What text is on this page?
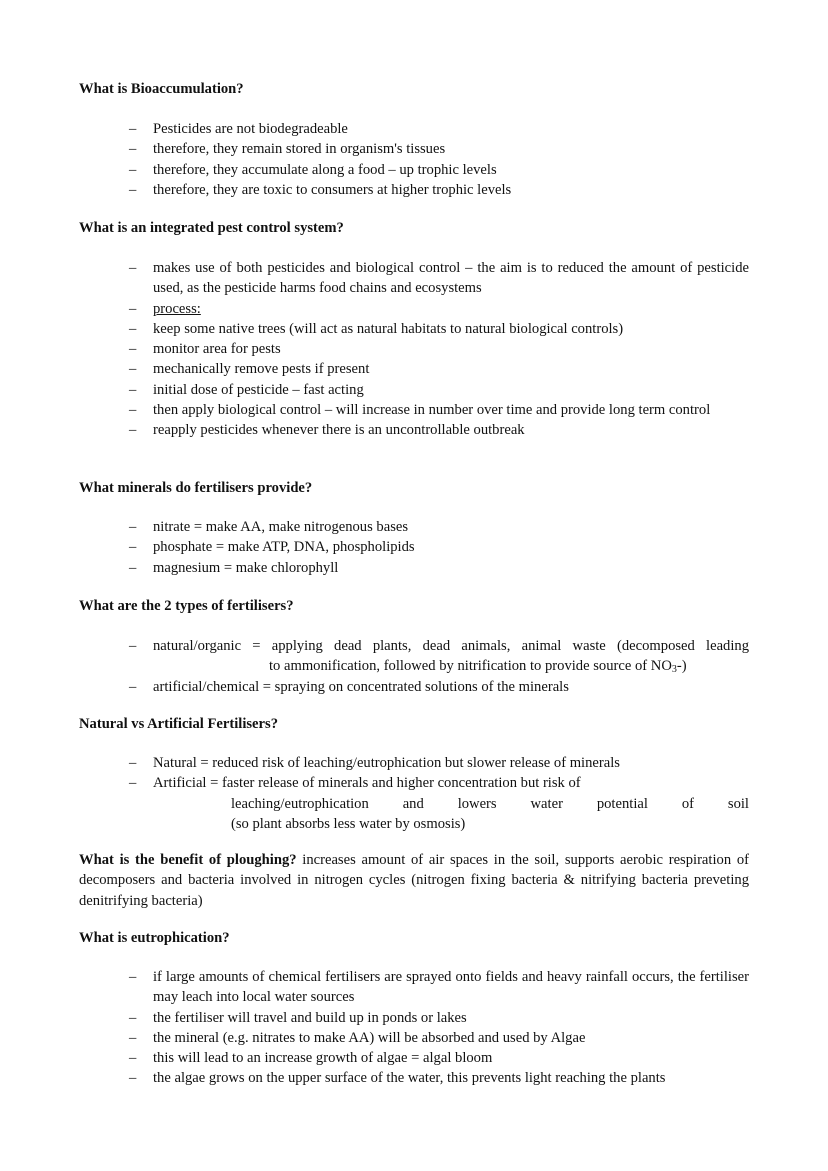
What is Bioaccumulation?
– Pesticides are not biodegradeable
– therefore, they remain stored in organism's tissues
– therefore, they accumulate along a food – up trophic levels
– therefore, they are toxic to consumers at higher trophic levels
What is an integrated pest control system?
– makes use of both pesticides and biological control – the aim is to reduced the amount of pesticide used, as the pesticide harms food chains and ecosystems
– process:
– keep some native trees (will act as natural habitats to natural biological controls)
– monitor area for pests
– mechanically remove pests if present
– initial dose of pesticide – fast acting
– then apply biological control – will increase in number over time and provide long term control
– reapply pesticides whenever there is an uncontrollable outbreak
What minerals do fertilisers provide?
– nitrate = make AA, make nitrogenous bases
– phosphate = make ATP, DNA, phospholipids
– magnesium = make chlorophyll
What are the 2 types of fertilisers?
– natural/organic = applying dead plants, dead animals, animal waste (decomposed leading
to ammonification, followed by nitrification to provide source of $NO_3-$)
– artificial/chemical = spraying on concentrated solutions of the minerals
Natural vs Artificial Fertilisers?
– Natural = reduced risk of leaching/eutrophication but slower release of minerals
– Artificial = faster release of minerals and higher concentration but risk of
leaching/eutrophication and lowers water potential of soil
(so plant absorbs less water by osmosis)

What is the benefit of ploughing? increases amount of air spaces in the soil, supports aerobic respiration of decomposers and bacteria involved in nitrogen cycles (nitrogen fixing bacteria & nitrifying bacteria preveting denitrifying bacteria)

What is eutrophication?
– if large amounts of chemical fertilisers are sprayed onto fields and heavy rainfall occurs, the fertiliser may leach into local water sources
– the fertiliser will travel and build up in ponds or lakes
– the mineral (e.g. nitrates to make AA) will be absorbed and used by Algae
– this will lead to an increase growth of algae = algal bloom
– the algae grows on the upper surface of the water, this prevents light reaching the plants
